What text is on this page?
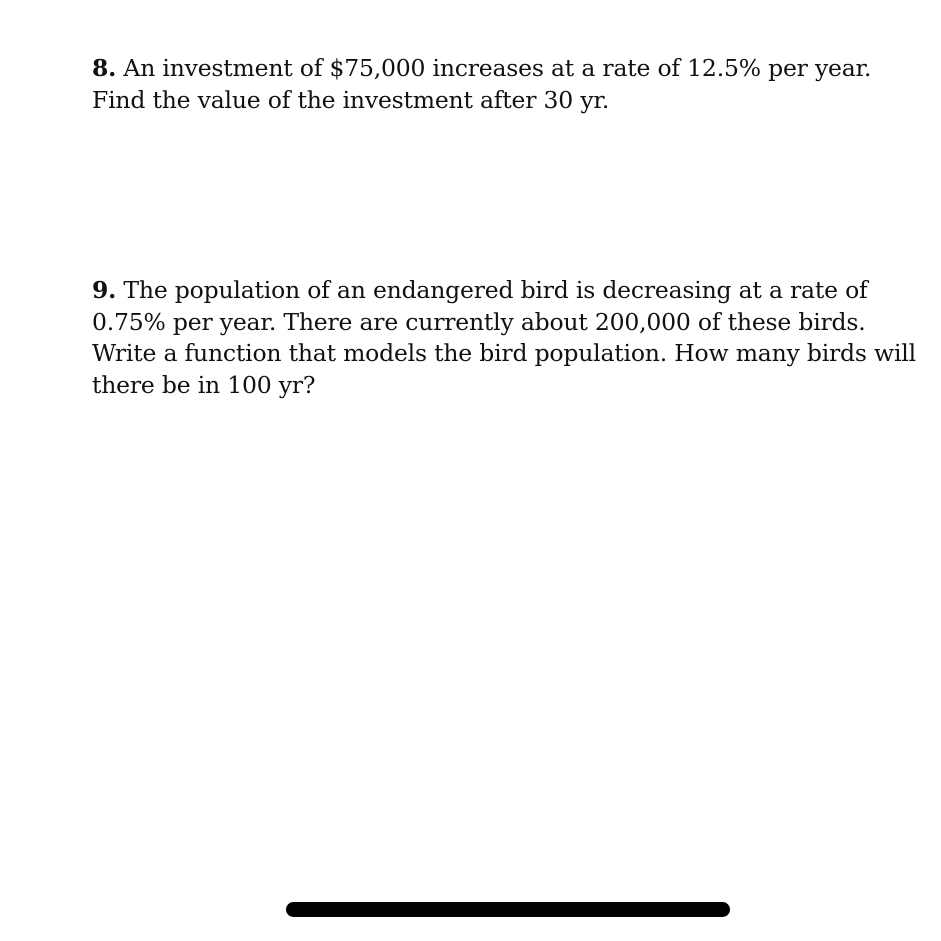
8. An investment of $75,000 increases at a rate of 12.5% per year. Find the value of the investment after 30 yr.
9. The population of an endangered bird is decreasing at a rate of 0.75% per year. There are currently about 200,000 of these birds. Write a function that models the bird population. How many birds will there be in 100 yr?
